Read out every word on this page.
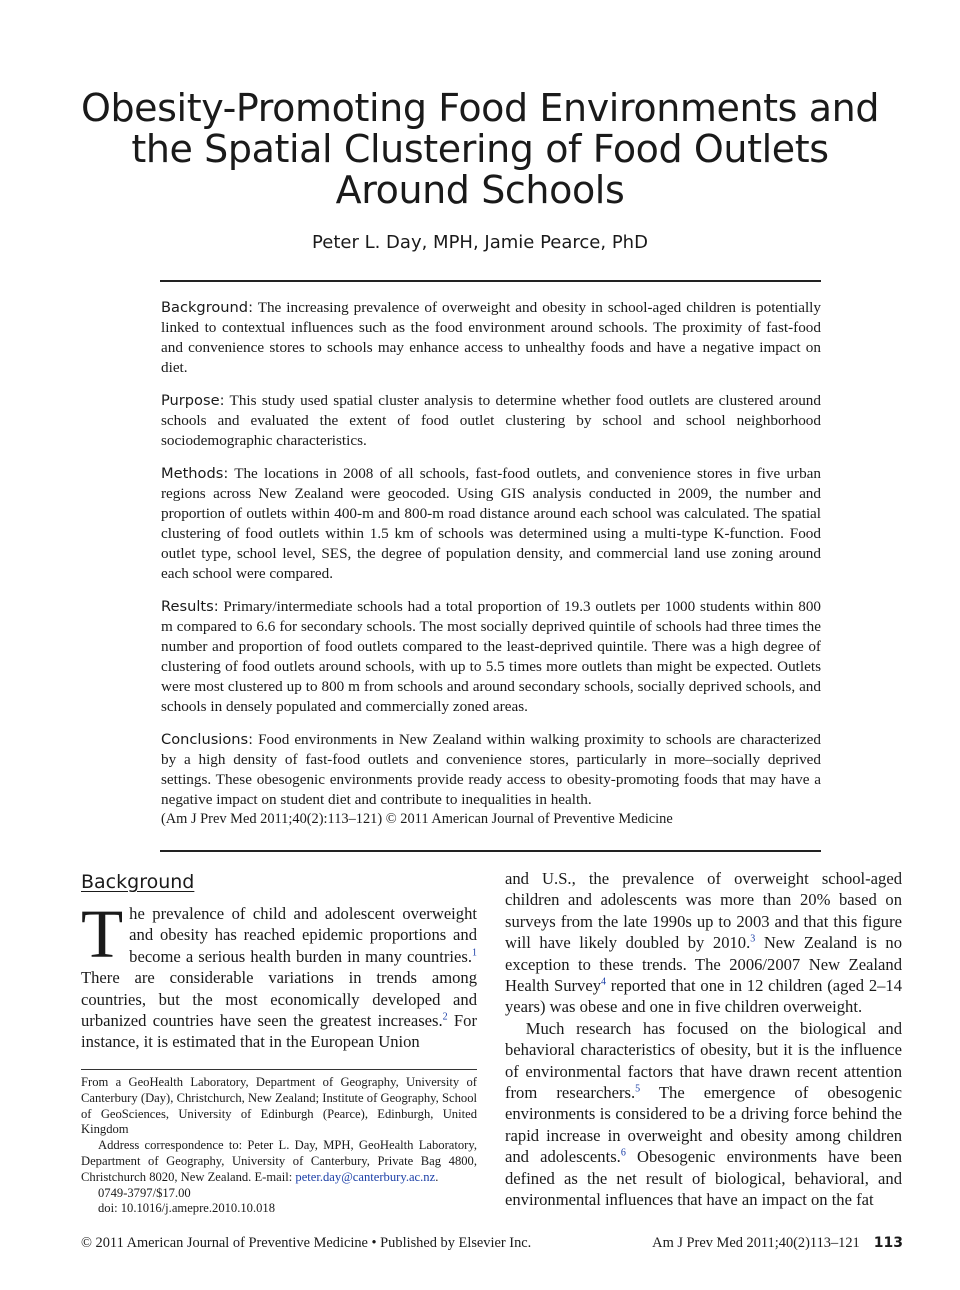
Obesity-Promoting Food Environments and
the Spatial Clustering of Food Outlets
Around Schools
Peter L. Day, MPH, Jamie Pearce, PhD

Background: The increasing prevalence of overweight and obesity in school-aged children is potentially linked to contextual influences such as the food environment around schools. The proximity of fast-food and convenience stores to schools may enhance access to unhealthy foods and have a negative impact on diet.

Purpose: This study used spatial cluster analysis to determine whether food outlets are clustered around schools and evaluated the extent of food outlet clustering by school and school neighborhood sociodemographic characteristics.

Methods: The locations in 2008 of all schools, fast-food outlets, and convenience stores in five urban regions across New Zealand were geocoded. Using GIS analysis conducted in 2009, the number and proportion of outlets within 400-m and 800-m road distance around each school was calculated. The spatial clustering of food outlets within 1.5 km of schools was determined using a multi-type K-function. Food outlet type, school level, SES, the degree of population density, and commercial land use zoning around each school were compared.

Results: Primary/intermediate schools had a total proportion of 19.3 outlets per 1000 students within 800 m compared to 6.6 for secondary schools. The most socially deprived quintile of schools had three times the number and proportion of food outlets compared to the least-deprived quintile. There was a high degree of clustering of food outlets around schools, with up to 5.5 times more outlets than might be expected. Outlets were most clustered up to 800 m from schools and around secondary schools, socially deprived schools, and schools in densely populated and commercially zoned areas.

Conclusions: Food environments in New Zealand within walking proximity to schools are characterized by a high density of fast-food outlets and convenience stores, particularly in more–socially deprived settings. These obesogenic environments provide ready access to obesity-promoting foods that may have a negative impact on student diet and contribute to inequalities in health.

(Am J Prev Med 2011;40(2):113–121) © 2011 American Journal of Preventive Medicine
Background

The prevalence of child and adolescent overweight and obesity has reached epidemic proportions and become a serious health burden in many countries.$^1$ There are considerable variations in trends among countries, but the most economically developed and urbanized countries have seen the greatest increases.$^2$ For instance, it is estimated that in the European Union

and U.S., the prevalence of overweight school-aged children and adolescents was more than 20% based on surveys from the late 1990s up to 2003 and that this figure will have likely doubled by 2010.$^3$ New Zealand is no exception to these trends. The 2006/2007 New Zealand Health Survey$^4$ reported that one in 12 children (aged 2–14 years) was obese and one in five children overweight.

Much research has focused on the biological and behavioral characteristics of obesity, but it is the influence of environmental factors that have drawn recent attention from researchers.$^5$ The emergence of obesogenic environments is considered to be a driving force behind the rapid increase in overweight and obesity among children and adolescents.$^6$ Obesogenic environments have been defined as the net result of biological, behavioral, and environmental influences that have an impact on the fat

From a GeoHealth Laboratory, Department of Geography, University of Canterbury (Day), Christchurch, New Zealand; Institute of Geography, School of GeoSciences, University of Edinburgh (Pearce), Edinburgh, United Kingdom

Address correspondence to: Peter L. Day, MPH, GeoHealth Laboratory, Department of Geography, University of Canterbury, Private Bag 4800, Christchurch 8020, New Zealand. E-mail: peter.day@canterbury.ac.nz.

0749-3797/$17.00

doi: 10.1016/j.amepre.2010.10.018

© 2011 American Journal of Preventive Medicine • Published by Elsevier Inc.	Am J Prev Med 2011;40(2)113–121 113
